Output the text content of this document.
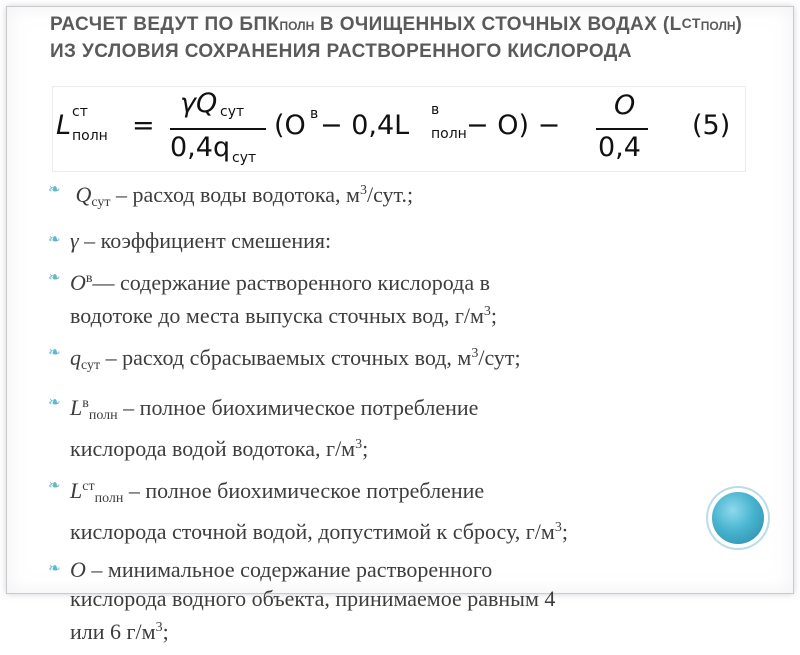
РАСЧЕТ ВЕДУТ ПО БПКПОЛН В ОЧИЩЕННЫХ СТОЧНЫХ ВОДАХ (LСТПОЛН) ИЗ УСЛОВИЯ СОХРАНЕНИЯ РАСТВОРЕННОГО КИСЛОРОДА
L ст
полн =
γQ сут
0,4q сут
(O в − 0,4L в
полн − O) −
O
0,4
(5)
❧ Qсут – расход воды водотока, $м^3$/сут.;
❧ γ – коэффициент смешения:
❧ $O^в—$ содержание растворенного кислорода в
водотоке до места выпуска сточных вод, $г/м^3$;
❧ qсут – расход сбрасываемых сточных вод, $м^3$/сут;
❧ $L^вполн$ – полное биохимическое потребление
кислорода водой водотока, $г/м^3$;
❧ $L^{ст}полн$ – полное биохимическое потребление
кислорода сточной водой, допустимой к сбросу, $г/м^3$;
❧ O – минимальное содержание растворенного
кислорода водного объекта, принимаемое равным 4
или 6 $г/м^3$;
